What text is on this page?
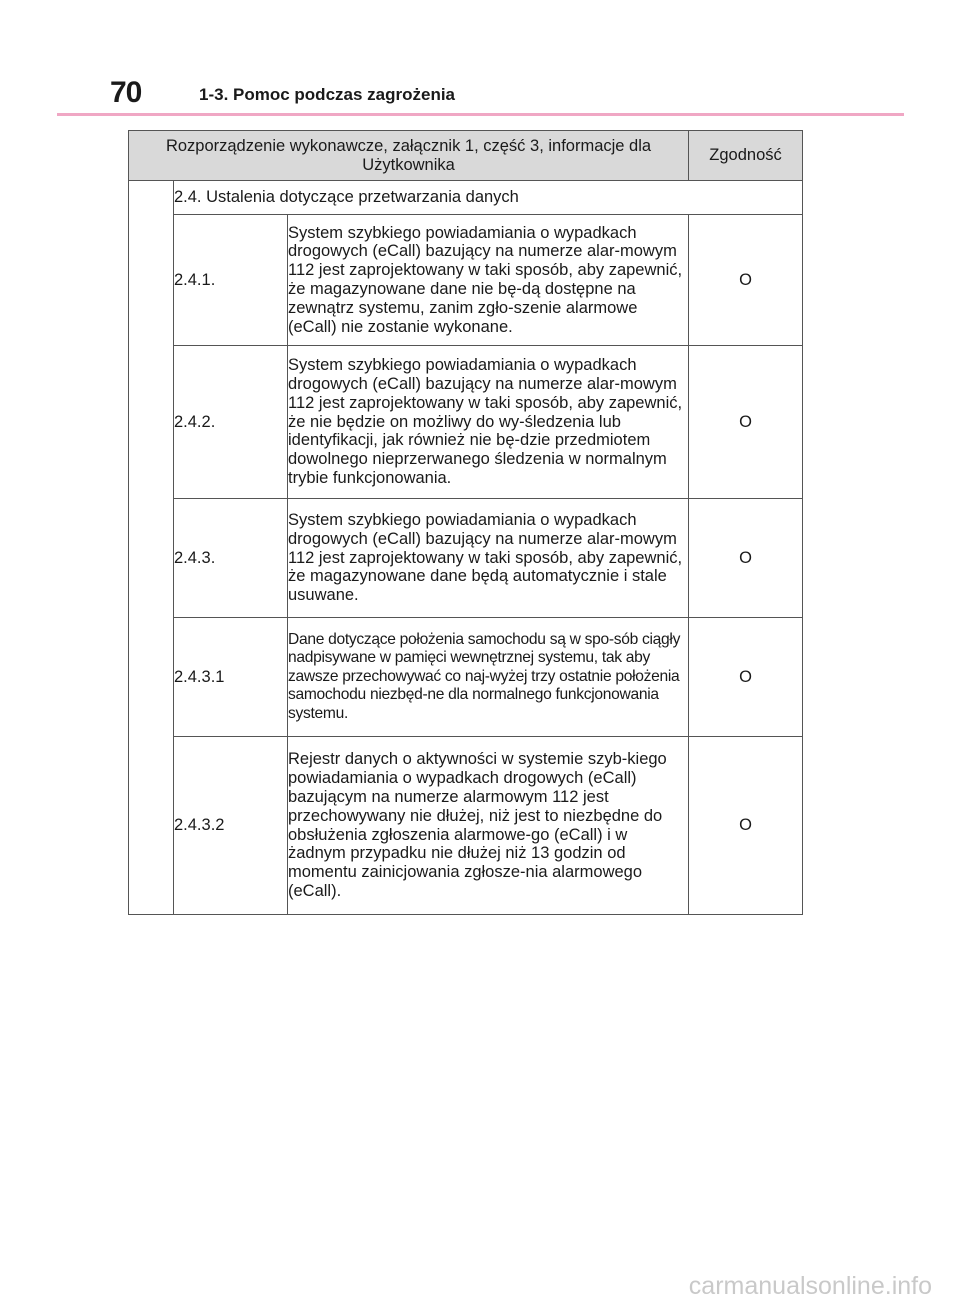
70	1-3. Pomoc podczas zagrożenia
Rozporządzenie wykonawcze, załącznik 1, część 3, informacje dla Użytkownika			Zgodność
	2.4. Ustalenia dotyczące przetwarzania danych		
	2.4.1.	System szybkiego powiadamiania o wypadkach drogowych (eCall) bazujący na numerze alar-mowym 112 jest zaprojektowany w taki sposób, aby zapewnić, że magazynowane dane nie bę-dą dostępne na zewnątrz systemu, zanim zgło-szenie alarmowe (eCall) nie zostanie wykonane.	O
	2.4.2.	System szybkiego powiadamiania o wypadkach drogowych (eCall) bazujący na numerze alar-mowym 112 jest zaprojektowany w taki sposób, aby zapewnić, że nie będzie on możliwy do wy-śledzenia lub identyfikacji, jak również nie bę-dzie przedmiotem dowolnego nieprzerwanego śledzenia w normalnym trybie funkcjonowania.	O
	2.4.3.	System szybkiego powiadamiania o wypadkach drogowych (eCall) bazujący na numerze alar-mowym 112 jest zaprojektowany w taki sposób, aby zapewnić, że magazynowane dane będą automatycznie i stale usuwane.	O
	2.4.3.1	Dane dotyczące położenia samochodu są w spo-sób ciągły nadpisywane w pamięci wewnętrznej systemu, tak aby zawsze przechowywać co naj-wyżej trzy ostatnie położenia samochodu niezbęd-ne dla normalnego funkcjonowania systemu.	O
	2.4.3.2	Rejestr danych o aktywności w systemie szyb-kiego powiadamiania o wypadkach drogowych (eCall) bazującym na numerze alarmowym 112 jest przechowywany nie dłużej, niż jest to niezbędne do obsłużenia zgłoszenia alarmowe-go (eCall) i w żadnym przypadku nie dłużej niż 13 godzin od momentu zainicjowania zgłosze-nia alarmowego (eCall).	O
carmanualsonline.info
